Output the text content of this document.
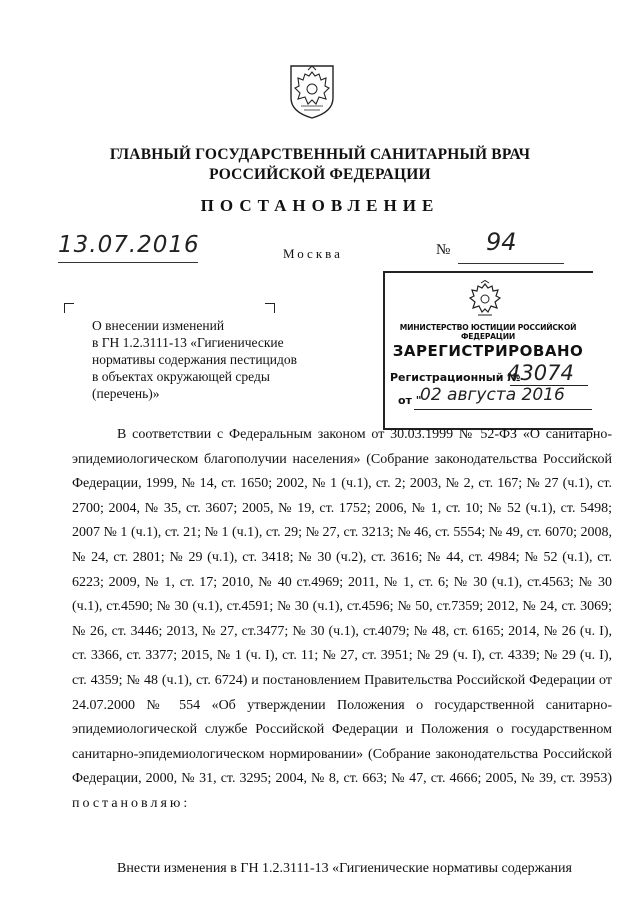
ГЛАВНЫЙ ГОСУДАРСТВЕННЫЙ САНИТАРНЫЙ ВРАЧ
РОССИЙСКОЙ ФЕДЕРАЦИИ
ПОСТАНОВЛЕНИЕ
13.07.2016	Москва	№ 94
О внесении изменений
в ГН 1.2.3111-13 «Гигиенические
нормативы содержания пестицидов
в объектах окружающей среды
(перечень)»
МИНИСТЕРСТВО ЮСТИЦИИ РОССИЙСКОЙ ФЕДЕРАЦИИ
ЗАРЕГИСТРИРОВАНО
Регистрационный №
43074
от "
02 августа 2016
В соответствии с Федеральным законом от 30.03.1999 № 52-ФЗ «О санитарно-эпидемиологическом благополучии населения» (Собрание законодательства Российской Федерации, 1999, № 14, ст. 1650; 2002, № 1 (ч.1), ст. 2; 2003, № 2, ст. 167; № 27 (ч.1), ст. 2700; 2004, № 35, ст. 3607; 2005, № 19, ст. 1752; 2006, № 1, ст. 10; № 52 (ч.1), ст. 5498; 2007 № 1 (ч.1), ст. 21; № 1 (ч.1), ст. 29; № 27, ст. 3213; № 46, ст. 5554; № 49, ст. 6070; 2008, № 24, ст. 2801; № 29 (ч.1), ст. 3418; № 30 (ч.2), ст. 3616; № 44, ст. 4984; № 52 (ч.1), ст. 6223; 2009, № 1, ст. 17; 2010, № 40 ст.4969; 2011, № 1, ст. 6; № 30 (ч.1), ст.4563; № 30 (ч.1), ст.4590; № 30 (ч.1), ст.4591; № 30 (ч.1), ст.4596; № 50, ст.7359; 2012, № 24, ст. 3069; № 26, ст. 3446; 2013, № 27, ст.3477; № 30 (ч.1), ст.4079; № 48, ст. 6165; 2014, № 26 (ч. I), ст. 3366, ст. 3377; 2015, № 1 (ч. I), ст. 11; № 27, ст. 3951; № 29 (ч. I), ст. 4339; № 29 (ч. I), ст. 4359; № 48 (ч.1), ст. 6724) и постановлением Правительства Российской Федерации от 24.07.2000 № 554 «Об утверждении Положения о государственной санитарно-эпидемиологической службе Российской Федерации и Положения о государственном санитарно-эпидемиологическом нормировании» (Собрание законодательства Российской Федерации, 2000, № 31, ст. 3295; 2004, № 8, ст. 663; № 47, ст. 4666; 2005, № 39, ст. 3953) постановляю:
Внести изменения в ГН 1.2.3111-13 «Гигиенические нормативы содержания
